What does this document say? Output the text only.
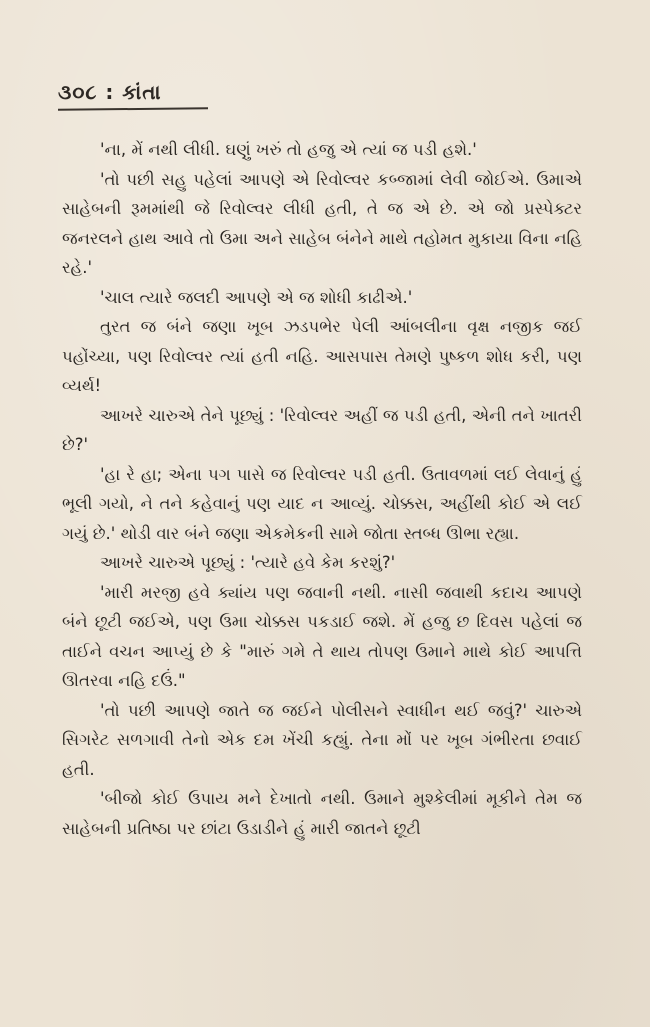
૩૦૮ : કાંતા

'ના, મેં નથી લીધી. ઘણું ખરું તો હજુ એ ત્યાં જ પડી હશે.'

'તો પછી સહુ પહેલાં આપણે એ રિવોલ્વર કબ્જામાં લેવી જોઈએ. ઉમાએ સાહેબની રૂમમાંથી જે રિવોલ્વર લીધી હતી, તે જ એ છે. એ જો પ્રસ્પેક્ટર જનરલને હાથ આવે તો ઉમા અને સાહેબ બંનેને માથે તહોમત મુકાયા વિના નહિ રહે.'

'ચાલ ત્યારે જલદી આપણે એ જ શોધી કાઢીએ.'

તુરત જ બંને જણા ખૂબ ઝડપભેર પેલી આંબલીના વૃક્ષ નજીક જઈ પહોંચ્યા, પણ રિવોલ્વર ત્યાં હતી નહિ. આસપાસ તેમણે પુષ્કળ શોધ કરી, પણ વ્યર્થ!

આખરે ચારુએ તેને પૂછ્યું : 'રિવોલ્વર અહીં જ પડી હતી, એની તને ખાતરી છે?'

'હા રે હા; એના પગ પાસે જ રિવોલ્વર પડી હતી. ઉતાવળમાં લઈ લેવાનું હું ભૂલી ગયો, ને તને કહેવાનું પણ યાદ ન આવ્યું. ચોક્કસ, અહીંથી કોઈ એ લઈ ગયું છે.' થોડી વાર બંને જણા એકમેકની સામે જોતા સ્તબ્ધ ઊભા રહ્યા.

આખરે ચારુએ પૂછ્યું : 'ત્યારે હવે કેમ કરશું?'

'મારી મરજી હવે ક્યાંય પણ જવાની નથી. નાસી જવાથી કદાચ આપણે બંને છૂટી જઈએ, પણ ઉમા ચોક્કસ પકડાઈ જશે. મેં હજુ છ દિવસ પહેલાં જ તાઈને વચન આપ્યું છે કે "મારું ગમે તે થાય તોપણ ઉમાને માથે કોઈ આપત્તિ ઊતરવા નહિ દઉં."

'તો પછી આપણે જાતે જ જઈને પોલીસને સ્વાધીન થઈ જવું?' ચારુએ સિગરેટ સળગાવી તેનો એક દમ ખેંચી કહ્યું. તેના મોં પર ખૂબ ગંભીરતા છવાઈ હતી.

'બીજો કોઈ ઉપાય મને દેખાતો નથી. ઉમાને મુશ્કેલીમાં મૂકીને તેમ જ સાહેબની પ્રતિષ્ઠા પર છાંટા ઉડાડીને હું મારી જાતને છૂટી
